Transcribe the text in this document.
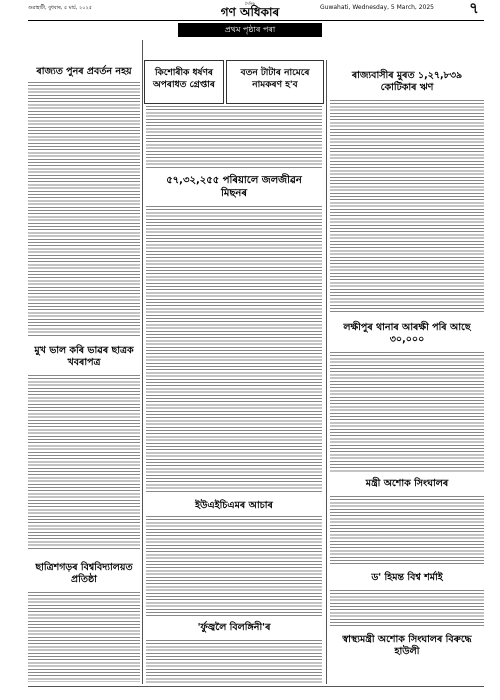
গুৱাহাটী, বুধবাৰ, ৫ মাৰ্চ, ২০২৫
দৈনিক
গণ অধিকাৰ	Guwahati, Wednesday, 5 March, 2025	৭
প্ৰথম পৃষ্ঠাৰ পৰা
ৰাজ্যত পুনৰ প্ৰবৰ্তন নহয়
মুখ ভাল কৰি ভাৱৰ ছাত্ৰক খবৰাপত্ৰ
ছাত্ৰিশগড়ৰ বিশ্ববিদ্যালয়ত প্ৰতিষ্ঠা
কিশোৰীক ধৰ্ষণৰ অপৰাধত গ্ৰেপ্তাৰ
বতন টাটাৰ নামেৰে নামকৰণ হ'ব
৫৭,৩২,২৫৫ পৰিয়ালে জলজীৱন মিছনৰ
ইউএইচিএমৰ আচাৰ
'ৰ্ফুজ্বলৈ বিলঙ্গিনী'ৰ
ৰাজ্যবাসীৰ মুৰত ১,২৭,৮৩৯ কোটিকাৰ ঋণ
লক্ষীপুৰ থানাৰ আৰক্ষী পৰি আছে ৩০,০০০
মন্ত্ৰী অশোক সিংঘালৰ
ড' হিমন্ত বিশ্ব শৰ্মাই
স্বাস্থ্যমন্ত্ৰী অশোক সিংঘালৰ বিৰুদ্ধে হাউলী
